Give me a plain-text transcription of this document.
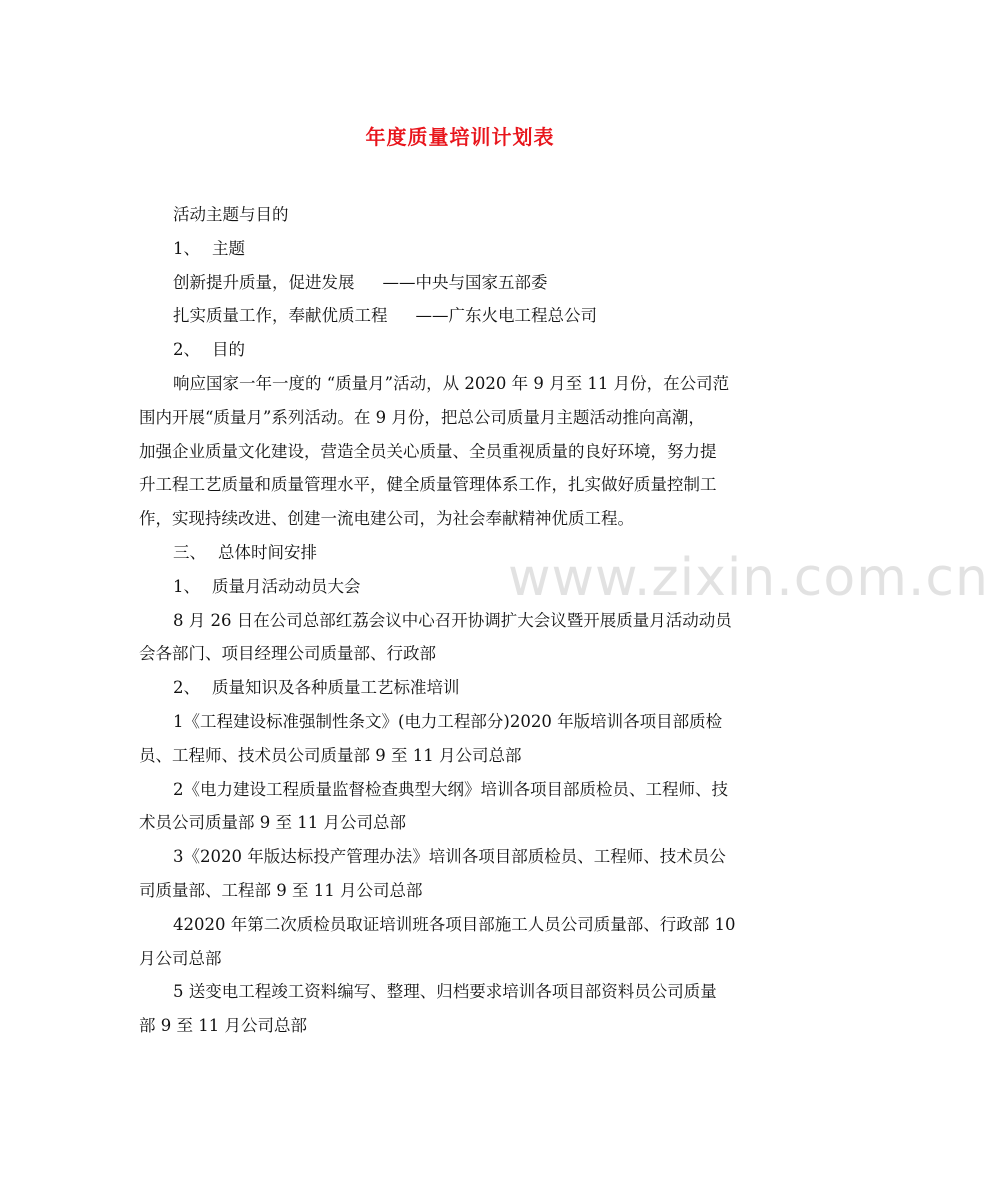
年度质量培训计划表
www.zixin.com.cn
活动主题与目的
1、 主题
创新提升质量，促进发展 ——中央与国家五部委
扎实质量工作，奉献优质工程 ——广东火电工程总公司
2、 目的
响应国家一年一度的 “质量月”活动，从 2020 年 9 月至 11 月份，在公司范
围内开展“质量月”系列活动。在 9 月份，把总公司质量月主题活动推向高潮，
加强企业质量文化建设，营造全员关心质量、全员重视质量的良好环境，努力提
升工程工艺质量和质量管理水平，健全质量管理体系工作，扎实做好质量控制工
作，实现持续改进、创建一流电建公司，为社会奉献精神优质工程。
三、 总体时间安排
1、 质量月活动动员大会
8 月 26 日在公司总部红荔会议中心召开协调扩大会议暨开展质量月活动动员
会各部门、项目经理公司质量部、行政部
2、 质量知识及各种质量工艺标准培训
1《工程建设标准强制性条文》(电力工程部分)2020 年版培训各项目部质检
员、工程师、技术员公司质量部 9 至 11 月公司总部
2《电力建设工程质量监督检查典型大纲》培训各项目部质检员、工程师、技
术员公司质量部 9 至 11 月公司总部
3《2020 年版达标投产管理办法》培训各项目部质检员、工程师、技术员公
司质量部、工程部 9 至 11 月公司总部
42020 年第二次质检员取证培训班各项目部施工人员公司质量部、行政部 10
月公司总部
5 送变电工程竣工资料编写、整理、归档要求培训各项目部资料员公司质量
部 9 至 11 月公司总部
